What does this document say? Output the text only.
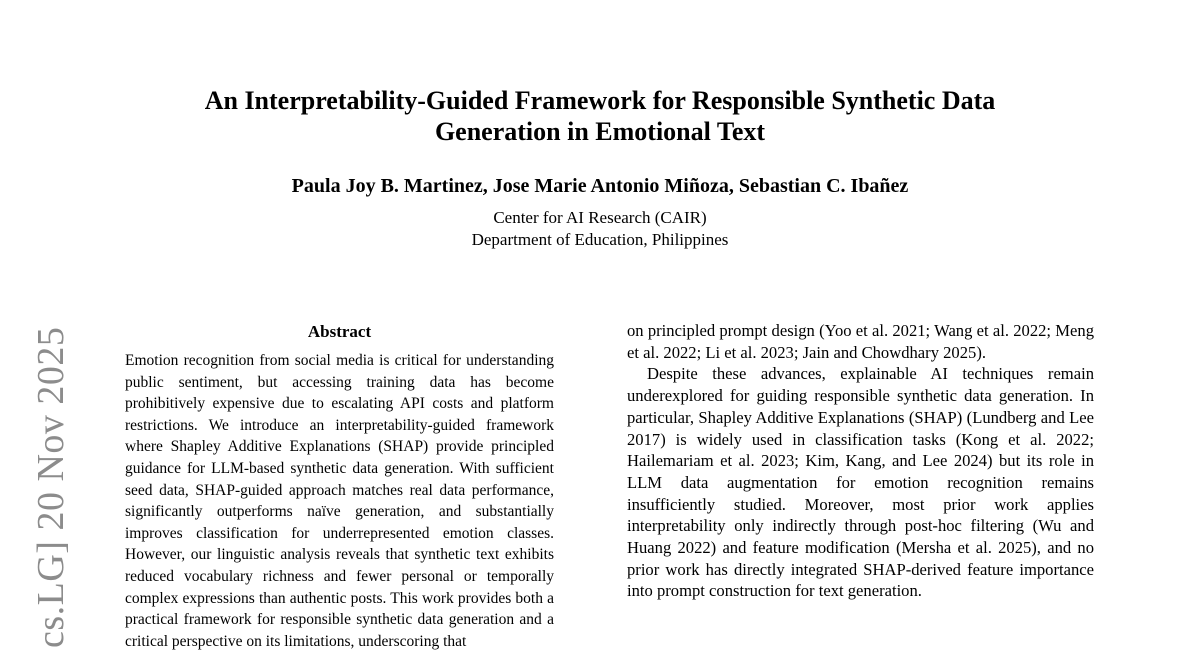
cs.LG] 20 Nov 2025
An Interpretability-Guided Framework for Responsible Synthetic Data
Generation in Emotional Text
Paula Joy B. Martinez, Jose Marie Antonio Miñoza, Sebastian C. Ibañez
Center for AI Research (CAIR)
Department of Education, Philippines
Abstract

Emotion recognition from social media is critical for understanding public sentiment, but accessing training data has become prohibitively expensive due to escalating API costs and platform restrictions. We introduce an interpretability-guided framework where Shapley Additive Explanations (SHAP) provide principled guidance for LLM-based synthetic data generation. With sufficient seed data, SHAP-guided approach matches real data performance, significantly outperforms naïve generation, and substantially improves classification for underrepresented emotion classes. However, our linguistic analysis reveals that synthetic text exhibits reduced vocabulary richness and fewer personal or temporally complex expressions than authentic posts. This work provides both a practical framework for responsible synthetic data generation and a critical perspective on its limitations, underscoring that

on principled prompt design (Yoo et al. 2021; Wang et al. 2022; Meng et al. 2022; Li et al. 2023; Jain and Chowdhary 2025).

Despite these advances, explainable AI techniques remain underexplored for guiding responsible synthetic data generation. In particular, Shapley Additive Explanations (SHAP) (Lundberg and Lee 2017) is widely used in classification tasks (Kong et al. 2022; Hailemariam et al. 2023; Kim, Kang, and Lee 2024) but its role in LLM data augmentation for emotion recognition remains insufficiently studied. Moreover, most prior work applies interpretability only indirectly through post-hoc filtering (Wu and Huang 2022) and feature modification (Mersha et al. 2025), and no prior work has directly integrated SHAP-derived feature importance into prompt construction for text generation.
